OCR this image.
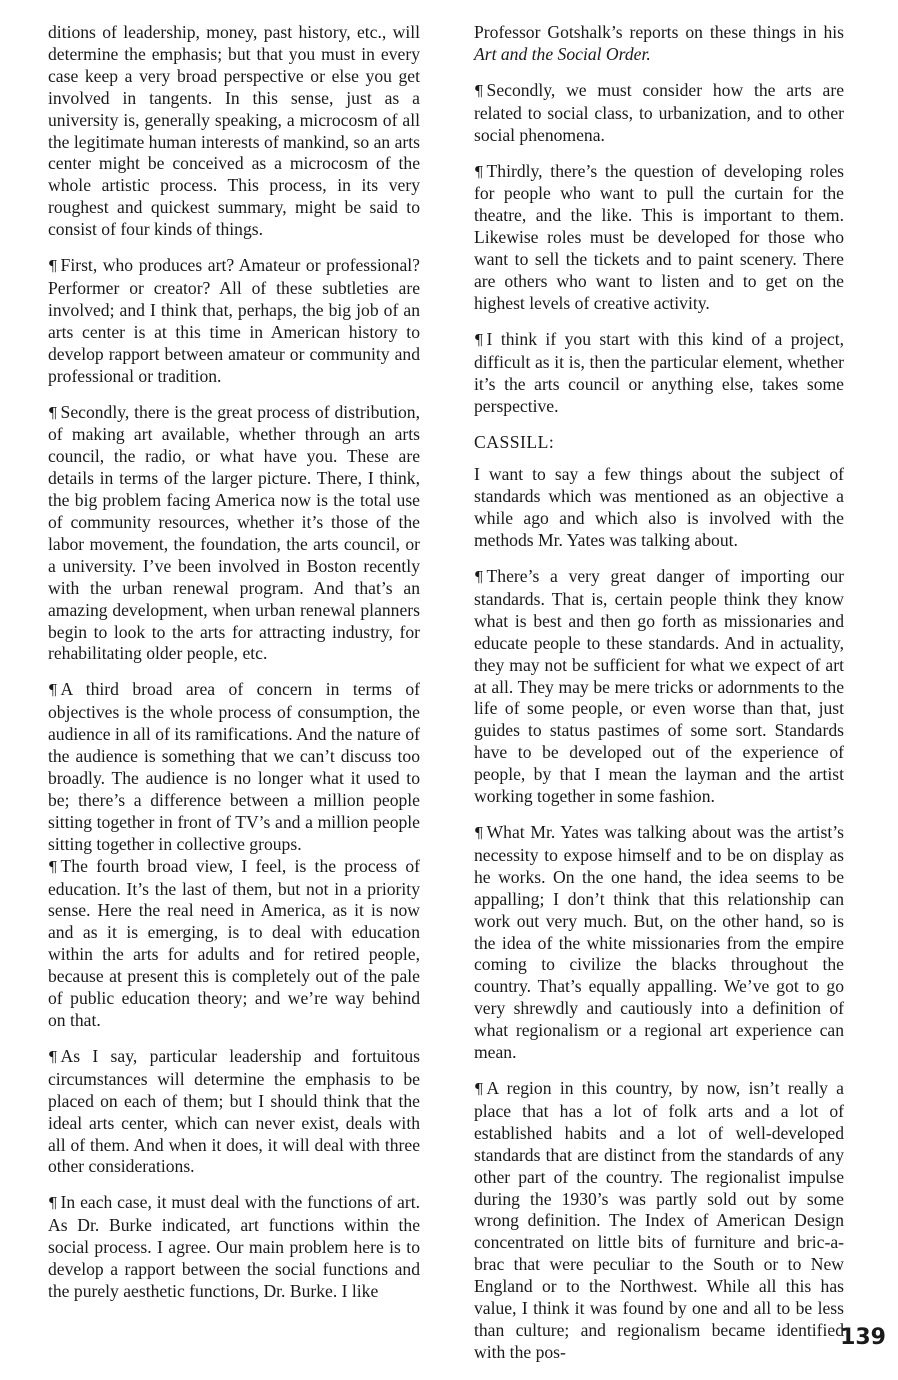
ditions of leadership, money, past history, etc., will determine the emphasis; but that you must in every case keep a very broad perspective or else you get involved in tangents. In this sense, just as a university is, generally speaking, a microcosm of all the legitimate human interests of mankind, so an arts center might be conceived as a microcosm of the whole artistic process. This process, in its very roughest and quickest summary, might be said to consist of four kinds of things.

¶ First, who produces art? Amateur or professional? Performer or creator? All of these subtleties are involved; and I think that, perhaps, the big job of an arts center is at this time in American history to develop rapport between amateur or community and professional or tradition.

¶ Secondly, there is the great process of distribution, of making art available, whether through an arts council, the radio, or what have you. These are details in terms of the larger picture. There, I think, the big problem facing America now is the total use of community resources, whether it’s those of the labor movement, the foundation, the arts council, or a university. I’ve been involved in Boston recently with the urban renewal program. And that’s an amazing development, when urban renewal planners begin to look to the arts for attracting industry, for rehabilitating older people, etc.

¶ A third broad area of concern in terms of objectives is the whole process of consumption, the audience in all of its ramifications. And the nature of the audience is something that we can’t discuss too broadly. The audience is no longer what it used to be; there’s a difference between a million people sitting together in front of TV’s and a million people sitting together in collective groups.

¶ The fourth broad view, I feel, is the process of education. It’s the last of them, but not in a priority sense. Here the real need in America, as it is now and as it is emerging, is to deal with education within the arts for adults and for retired people, because at present this is completely out of the pale of public education theory; and we’re way behind on that.

¶ As I say, particular leadership and fortuitous circumstances will determine the emphasis to be placed on each of them; but I should think that the ideal arts center, which can never exist, deals with all of them. And when it does, it will deal with three other considerations.

¶ In each case, it must deal with the functions of art. As Dr. Burke indicated, art functions within the social process. I agree. Our main problem here is to develop a rapport between the social functions and the purely aesthetic functions, Dr. Burke. I like

Professor Gotshalk’s reports on these things in his Art and the Social Order.

¶ Secondly, we must consider how the arts are related to social class, to urbanization, and to other social phenomena.

¶ Thirdly, there’s the question of developing roles for people who want to pull the curtain for the theatre, and the like. This is important to them. Likewise roles must be developed for those who want to sell the tickets and to paint scenery. There are others who want to listen and to get on the highest levels of creative activity.

¶ I think if you start with this kind of a project, difficult as it is, then the particular element, whether it’s the arts council or anything else, takes some perspective.

CASSILL:

I want to say a few things about the subject of standards which was mentioned as an objective a while ago and which also is involved with the methods Mr. Yates was talking about.

¶ There’s a very great danger of importing our standards. That is, certain people think they know what is best and then go forth as missionaries and educate people to these standards. And in actuality, they may not be sufficient for what we expect of art at all. They may be mere tricks or adornments to the life of some people, or even worse than that, just guides to status pastimes of some sort. Standards have to be developed out of the experience of people, by that I mean the layman and the artist working together in some fashion.

¶ What Mr. Yates was talking about was the artist’s necessity to expose himself and to be on display as he works. On the one hand, the idea seems to be appalling; I don’t think that this relationship can work out very much. But, on the other hand, so is the idea of the white missionaries from the empire coming to civilize the blacks throughout the country. That’s equally appalling. We’ve got to go very shrewdly and cautiously into a definition of what regionalism or a regional art experience can mean.

¶ A region in this country, by now, isn’t really a place that has a lot of folk arts and a lot of established habits and a lot of well-developed standards that are distinct from the standards of any other part of the country. The regionalist impulse during the 1930’s was partly sold out by some wrong definition. The Index of American Design concentrated on little bits of furniture and bric-a-brac that were peculiar to the South or to New England or to the Northwest. While all this has value, I think it was found by one and all to be less than culture; and regionalism became identified with the pos-

139
